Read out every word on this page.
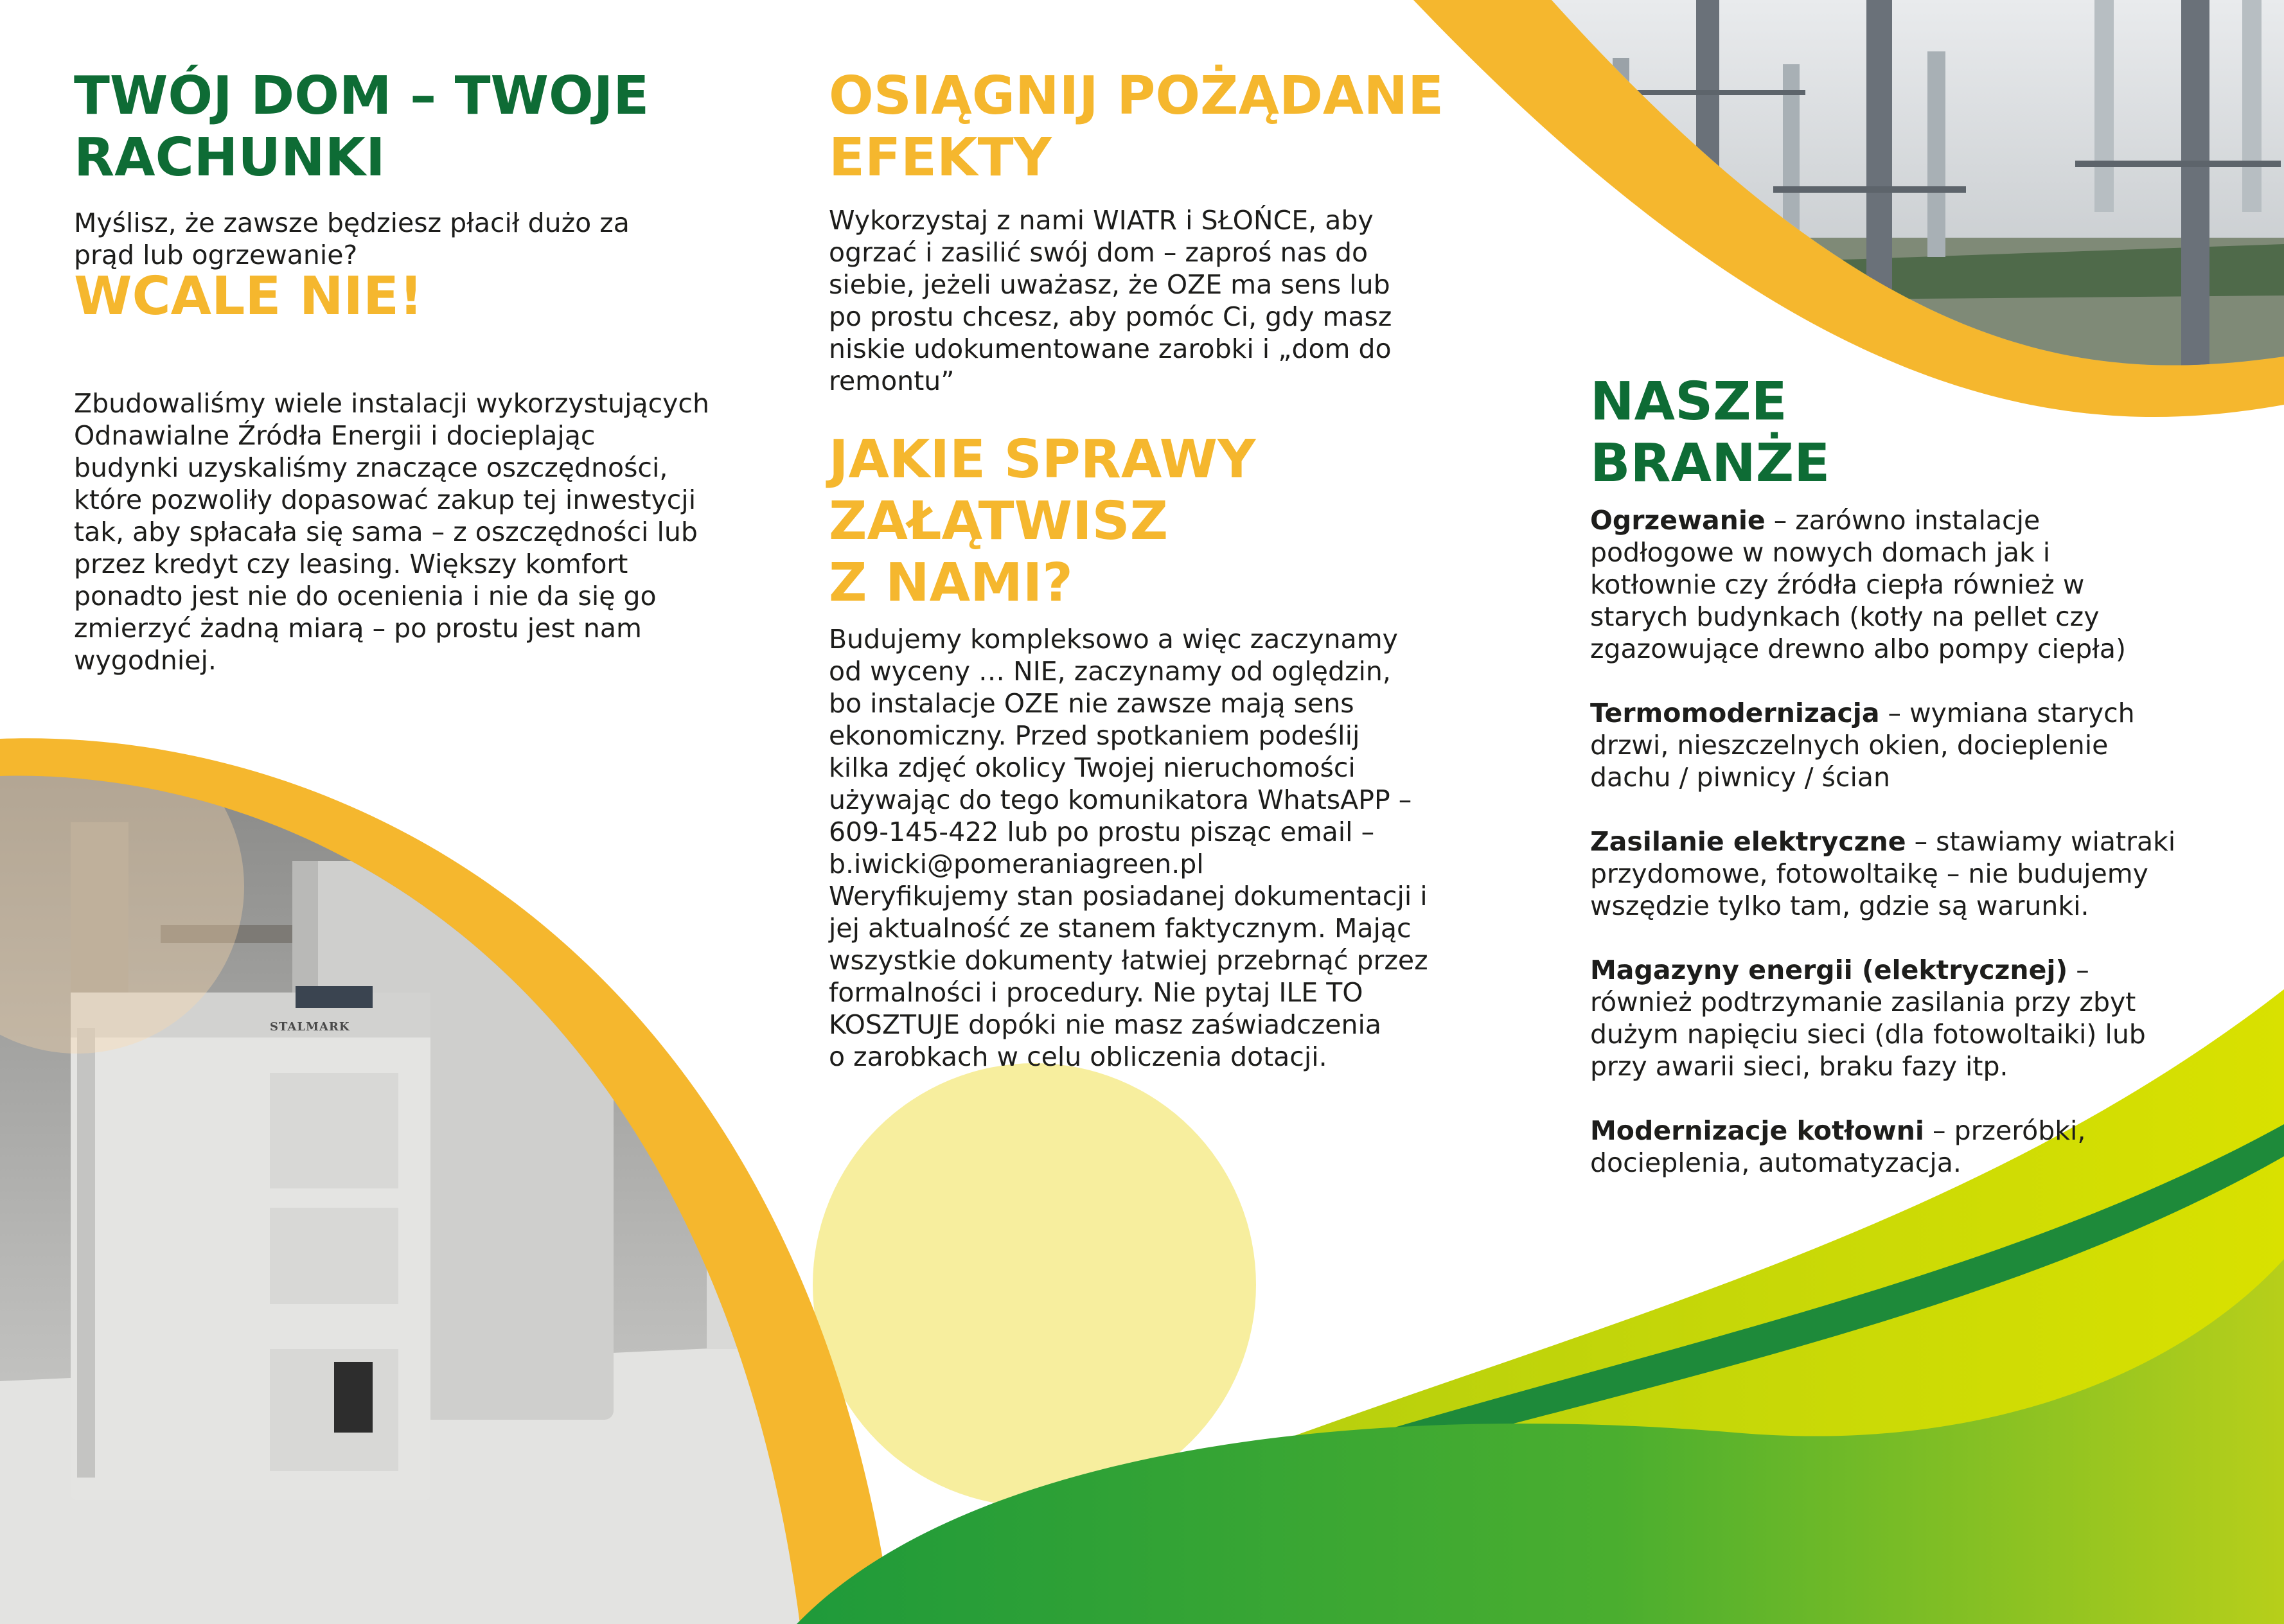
TWÓJ DOM – TWOJE
RACHUNKI

Myślisz, że zawsze będziesz płacił dużo za
prąd lub ogrzewanie?

WCALE NIE!

Zbudowaliśmy wiele instalacji wykorzystujących
Odnawialne Źródła Energii i docieplając
budynki uzyskaliśmy znaczące oszczędności,
które pozwoliły dopasować zakup tej inwestycji
tak, aby spłacała się sama – z oszczędności lub
przez kredyt czy leasing. Większy komfort
ponadto jest nie do ocenienia i nie da się go
zmierzyć żadną miarą – po prostu jest nam
wygodniej.

STALMARK
OSIĄGNIJ POŻĄDANE
EFEKTY

Wykorzystaj z nami WIATR i SŁOŃCE, aby
ogrzać i zasilić swój dom – zaproś nas do
siebie, jeżeli uważasz, że OZE ma sens lub
po prostu chcesz, aby pomóc Ci, gdy masz
niskie udokumentowane zarobki i „dom do
remontu”

JAKIE SPRAWY
ZAŁĄTWISZ
Z NAMI?

Budujemy kompleksowo a więc zaczynamy
od wyceny … NIE, zaczynamy od oględzin,
bo instalacje OZE nie zawsze mają sens
ekonomiczny. Przed spotkaniem podeślij
kilka zdjęć okolicy Twojej nieruchomości
używając do tego komunikatora WhatsAPP –
609-145-422 lub po prostu pisząc email –
b.iwicki@pomeraniagreen.pl
Weryfikujemy stan posiadanej dokumentacji i
jej aktualność ze stanem faktycznym. Mając
wszystkie dokumenty łatwiej przebrnąć przez
formalności i procedury. Nie pytaj ILE TO
KOSZTUJE dopóki nie masz zaświadczenia
o zarobkach w celu obliczenia dotacji.

NASZE
BRANŻE

Ogrzewanie – zarówno instalacje
podłogowe w nowych domach jak i
kotłownie czy źródła ciepła również w
starych budynkach (kotły na pellet czy
zgazowujące drewno albo pompy ciepła)

Termomodernizacja – wymiana starych
drzwi, nieszczelnych okien, docieplenie
dachu / piwnicy / ścian

Zasilanie elektryczne – stawiamy wiatraki
przydomowe, fotowoltaikę – nie budujemy
wszędzie tylko tam, gdzie są warunki.

Magazyny energii (elektrycznej) –
również podtrzymanie zasilania przy zbyt
dużym napięciu sieci (dla fotowoltaiki) lub
przy awarii sieci, braku fazy itp.

Modernizacje kotłowni – przeróbki,
docieplenia, automatyzacja.
